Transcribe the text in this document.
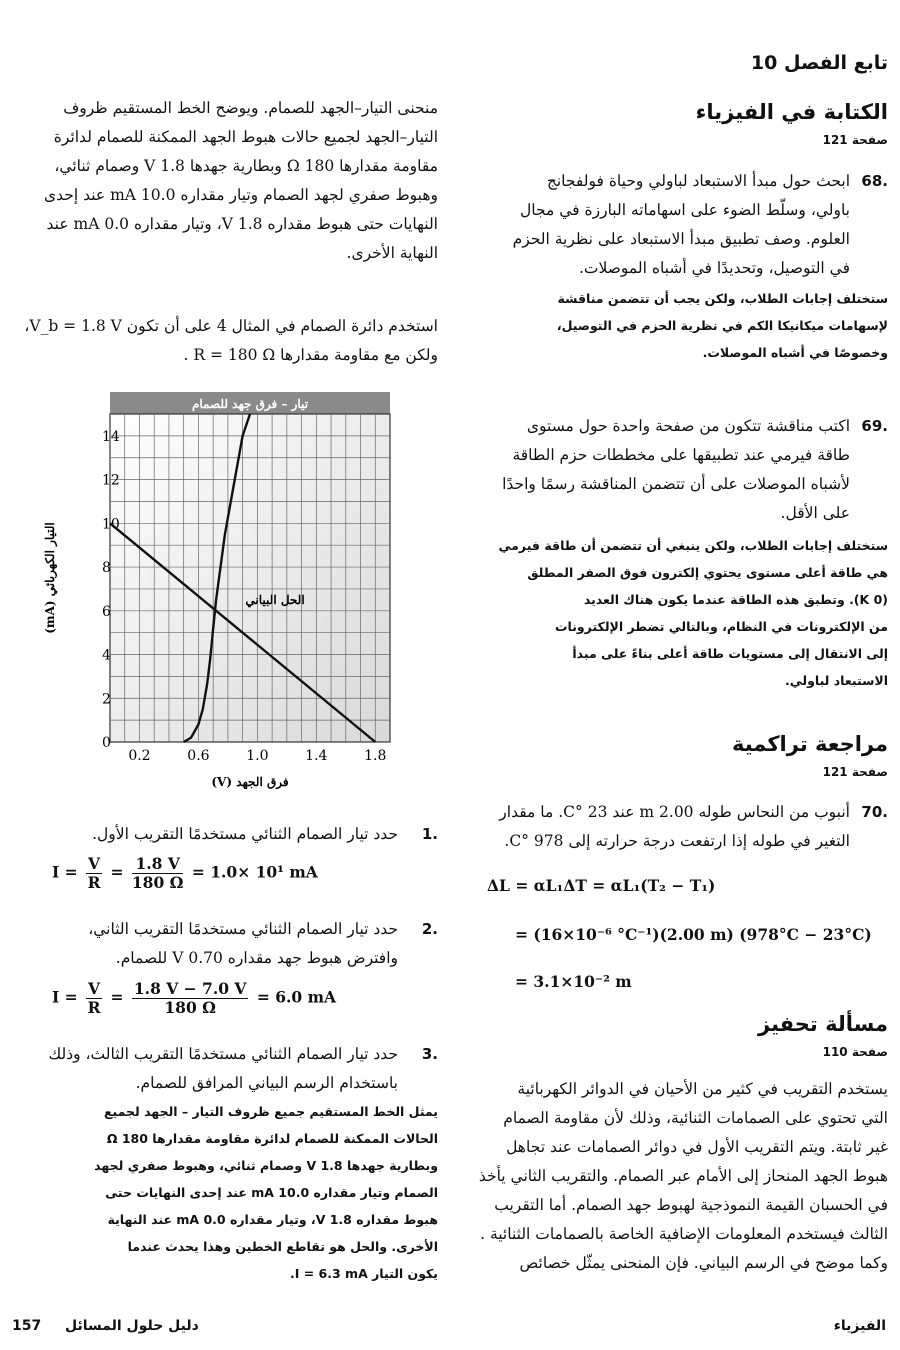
تابع الفصل 10
الكتابة في الفيزياء
صفحة 121
.68
ابحث حول مبدأ الاستبعاد لباولي وحياة فولفجانج
باولي، وسلّط الضوء على اسهاماته البارزة في مجال
العلوم. وصف تطبيق مبدأ الاستبعاد على نظرية الحزم
في التوصيل، وتحديدًا في أشباه الموصلات.
ستختلف إجابات الطلاب، ولكن يجب أن تتضمن مناقشة
لإسهامات ميكانيكا الكم في نظرية الحزم في التوصيل،
وخصوصًا في أشباه الموصلات.
.69
اكتب مناقشة تتكون من صفحة واحدة حول مستوى
طاقة فيرمي عند تطبيقها على مخططات حزم الطاقة
لأشباه الموصلات على أن تتضمن المناقشة رسمًا واحدًا
على الأقل.
ستختلف إجابات الطلاب، ولكن ينبغي أن تتضمن أن طاقة فيرمي
هي طاقة أعلى مستوى يحتوي إلكترون فوق الصفر المطلق
(0 K). وتطبق هذه الطاقة عندما يكون هناك العديد
من الإلكترونات في النظام، وبالتالي تضطر الإلكترونات
إلى الانتقال إلى مستويات طاقة أعلى بناءً على مبدأ
الاستبعاد لباولي.
مراجعة تراكمية
صفحة 121
.70
أنبوب من النحاس طوله 2.00 m عند 23 °C. ما مقدار
التغير في طوله إذا ارتفعت درجة حرارته إلى 978 °C.
ΔL = αL₁ΔT = αL₁(T₂ − T₁)
= (16×10⁻⁶ °C⁻¹)(2.00 m) (978°C − 23°C)
= 3.1×10⁻² m
مسألة تحفيز
صفحة 110
يستخدم التقريب في كثير من الأحيان في الدوائر الكهربائية
التي تحتوي على الصمامات الثنائية، وذلك لأن مقاومة الصمام
غير ثابتة. ويتم التقريب الأول في دوائر الصمامات عند تجاهل
هبوط الجهد المنحاز إلى الأمام عبر الصمام. والتقريب الثاني يأخذ
في الحسبان القيمة النموذجية لهبوط جهد الصمام. أما التقريب
الثالث فيستخدم المعلومات الإضافية الخاصة بالصمامات الثنائية .
وكما موضح في الرسم البياني. فإن المنحنى يمثّل خصائص
منحنى التيار–الجهد للصمام. ويوضح الخط المستقيم ظروف
التيار–الجهد لجميع حالات هبوط الجهد الممكنة للصمام لدائرة
مقاومة مقدارها 180 Ω وبطارية جهدها 1.8 V وصمام ثنائي،
وهبوط صفري لجهد الصمام وتيار مقداره 10.0 mA عند إحدى
النهايات حتى هبوط مقداره 1.8 V، وتيار مقداره 0.0 mA عند
النهاية الأخرى.
استخدم دائرة الصمام في المثال 4 على أن تكون V_b = 1.8 V،
ولكن مع مقاومة مقدارها R = 180 Ω .
تيار – فرق جهد للصمام
0.2	0.6	1.0	1.4	1.8
0
2
4
6
8
10
12
14
فرق الجهد (V)
التيار الكهربائي (mA)	الحل البياني
.1
حدد تيار الصمام الثنائي مستخدمًا التقريب الأول.
$I = \frac{V}{R} = \frac{1.8 V}{180 \Omega} = 1.0\times 10^1$ mA
.2
حدد تيار الصمام الثنائي مستخدمًا التقريب الثاني،
وافترض هبوط جهد مقداره 0.70 V للصمام.
$I = \frac{V}{R} = \frac{1.8 V - 7.0 V}{180 \Omega} = 6.0$ mA
.3
حدد تيار الصمام الثنائي مستخدمًا التقريب الثالث، وذلك
باستخدام الرسم البياني المرافق للصمام.
يمثل الخط المستقيم جميع ظروف التيار – الجهد لجميع
الحالات الممكنة للصمام لدائرة مقاومة مقدارها 180 Ω
وبطارية جهدها 1.8 V وصمام ثنائي، وهبوط صفري لجهد
الصمام وتيار مقداره 10.0 mA عند إحدى النهايات حتى
هبوط مقداره 1.8 V، وتيار مقداره 0.0 mA عند النهاية
الأخرى. والحل هو تقاطع الخطين وهذا يحدث عندما
يكون التيار I = 6.3 mA.
الفيزياء
157 دليل حلول المسائل
